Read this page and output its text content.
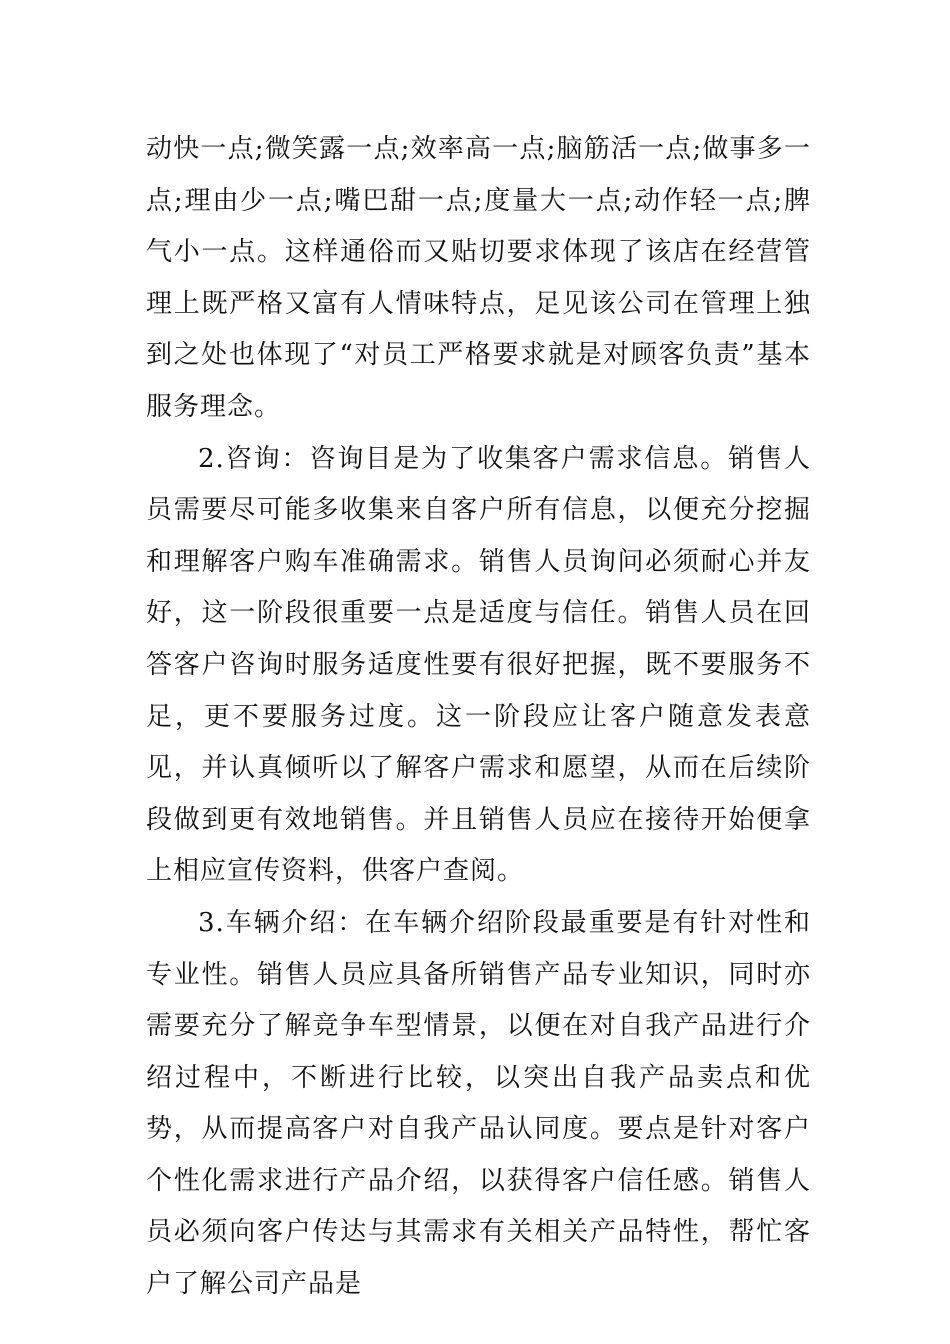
动快一点;微笑露一点;效率高一点;脑筋活一点;做事多一点;理由少一点;嘴巴甜一点;度量大一点;动作轻一点;脾气小一点。这样通俗而又贴切要求体现了该店在经营管理上既严格又富有人情味特点，足见该公司在管理上独到之处也体现了“对员工严格要求就是对顾客负责”基本服务理念。

2.咨询：咨询目是为了收集客户需求信息。销售人员需要尽可能多收集来自客户所有信息，以便充分挖掘和理解客户购车准确需求。销售人员询问必须耐心并友好，这一阶段很重要一点是适度与信任。销售人员在回答客户咨询时服务适度性要有很好把握，既不要服务不足，更不要服务过度。这一阶段应让客户随意发表意见，并认真倾听以了解客户需求和愿望，从而在后续阶段做到更有效地销售。并且销售人员应在接待开始便拿上相应宣传资料，供客户查阅。

3.车辆介绍：在车辆介绍阶段最重要是有针对性和专业性。销售人员应具备所销售产品专业知识，同时亦需要充分了解竞争车型情景，以便在对自我产品进行介绍过程中，不断进行比较，以突出自我产品卖点和优势，从而提高客户对自我产品认同度。要点是针对客户个性化需求进行产品介绍，以获得客户信任感。销售人员必须向客户传达与其需求有关相关产品特性，帮忙客户了解公司产品是
